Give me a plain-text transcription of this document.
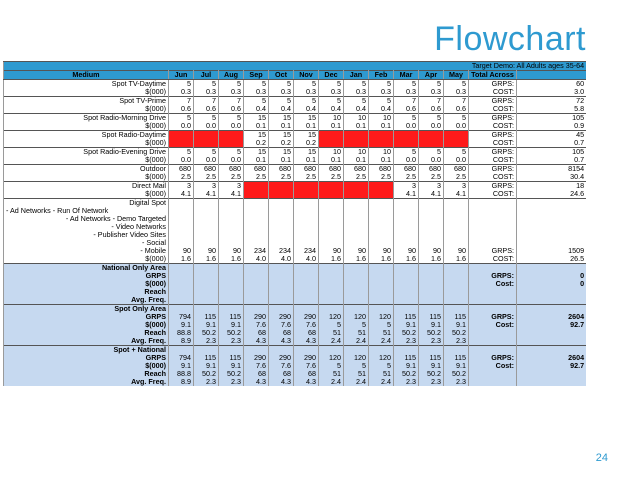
Flowchart
Target Demo: All Adults ages 35-64														
Medium	Jun	Jul	Aug	Sep	Oct	Nov	Dec	Jan	Feb	Mar	Apr	May	Total Across	
Spot TV-Daytime	5	5	5	5	5	5	5	5	5	5	5	5	GRPS:	60
$(000)	0.3	0.3	0.3	0.3	0.3	0.3	0.3	0.3	0.3	0.3	0.3	0.3	COST:	3.0
Spot TV-Prime	7	7	7	5	5	5	5	5	5	7	7	7	GRPS:	72
$(000)	0.6	0.6	0.6	0.4	0.4	0.4	0.4	0.4	0.4	0.6	0.6	0.6	COST:	5.8
Spot Radio-Morning Drive	5	5	5	15	15	15	10	10	10	5	5	5	GRPS:	105
$(000)	0.0	0.0	0.0	0.1	0.1	0.1	0.1	0.1	0.1	0.0	0.0	0.0	COST:	0.9
Spot Radio-Daytime				15	15	15							GRPS:	45
$(000)				0.2	0.2	0.2							COST:	0.7
Spot Radio-Evening Drive	5	5	5	15	15	15	10	10	10	5	5	5	GRPS:	105
$(000)	0.0	0.0	0.0	0.1	0.1	0.1	0.1	0.1	0.1	0.0	0.0	0.0	COST:	0.7
Outdoor	680	680	680	680	680	680	680	680	680	680	680	680	GRPS:	8154
$(000)	2.5	2.5	2.5	2.5	2.5	2.5	2.5	2.5	2.5	2.5	2.5	2.5	COST:	30.4
Direct Mail	3	3	3							3	3	3	GRPS:	18
$(000)	4.1	4.1	4.1							4.1	4.1	4.1	COST:	24.6
Digital Spot														
- Ad Networks - Run Of Network														
- Ad Networks - Demo Targeted														
- Video Networks														
- Publisher Video Sites														
- Social														
- Mobile	90	90	90	234	234	234	90	90	90	90	90	90	GRPS:	1509
$(000)	1.6	1.6	1.6	4.0	4.0	4.0	1.6	1.6	1.6	1.6	1.6	1.6	COST:	26.5
National Only Area														
GRPS													GRPS:	0
$(000)													Cost:	0
Reach														
Avg. Freq.														
Spot Only Area														
GRPS	794	115	115	290	290	290	120	120	120	115	115	115	GRPS:	2604
$(000)	9.1	9.1	9.1	7.6	7.6	7.6	5	5	5	9.1	9.1	9.1	Cost:	92.7
Reach	88.8	50.2	50.2	68	68	68	51	51	51	50.2	50.2	50.2		
Avg. Freq.	8.9	2.3	2.3	4.3	4.3	4.3	2.4	2.4	2.4	2.3	2.3	2.3		
Spot + National														
GRPS	794	115	115	290	290	290	120	120	120	115	115	115	GRPS:	2604
$(000)	9.1	9.1	9.1	7.6	7.6	7.6	5	5	5	9.1	9.1	9.1	Cost:	92.7
Reach	88.8	50.2	50.2	68	68	68	51	51	51	50.2	50.2	50.2		
Avg. Freq.	8.9	2.3	2.3	4.3	4.3	4.3	2.4	2.4	2.4	2.3	2.3	2.3		
24
